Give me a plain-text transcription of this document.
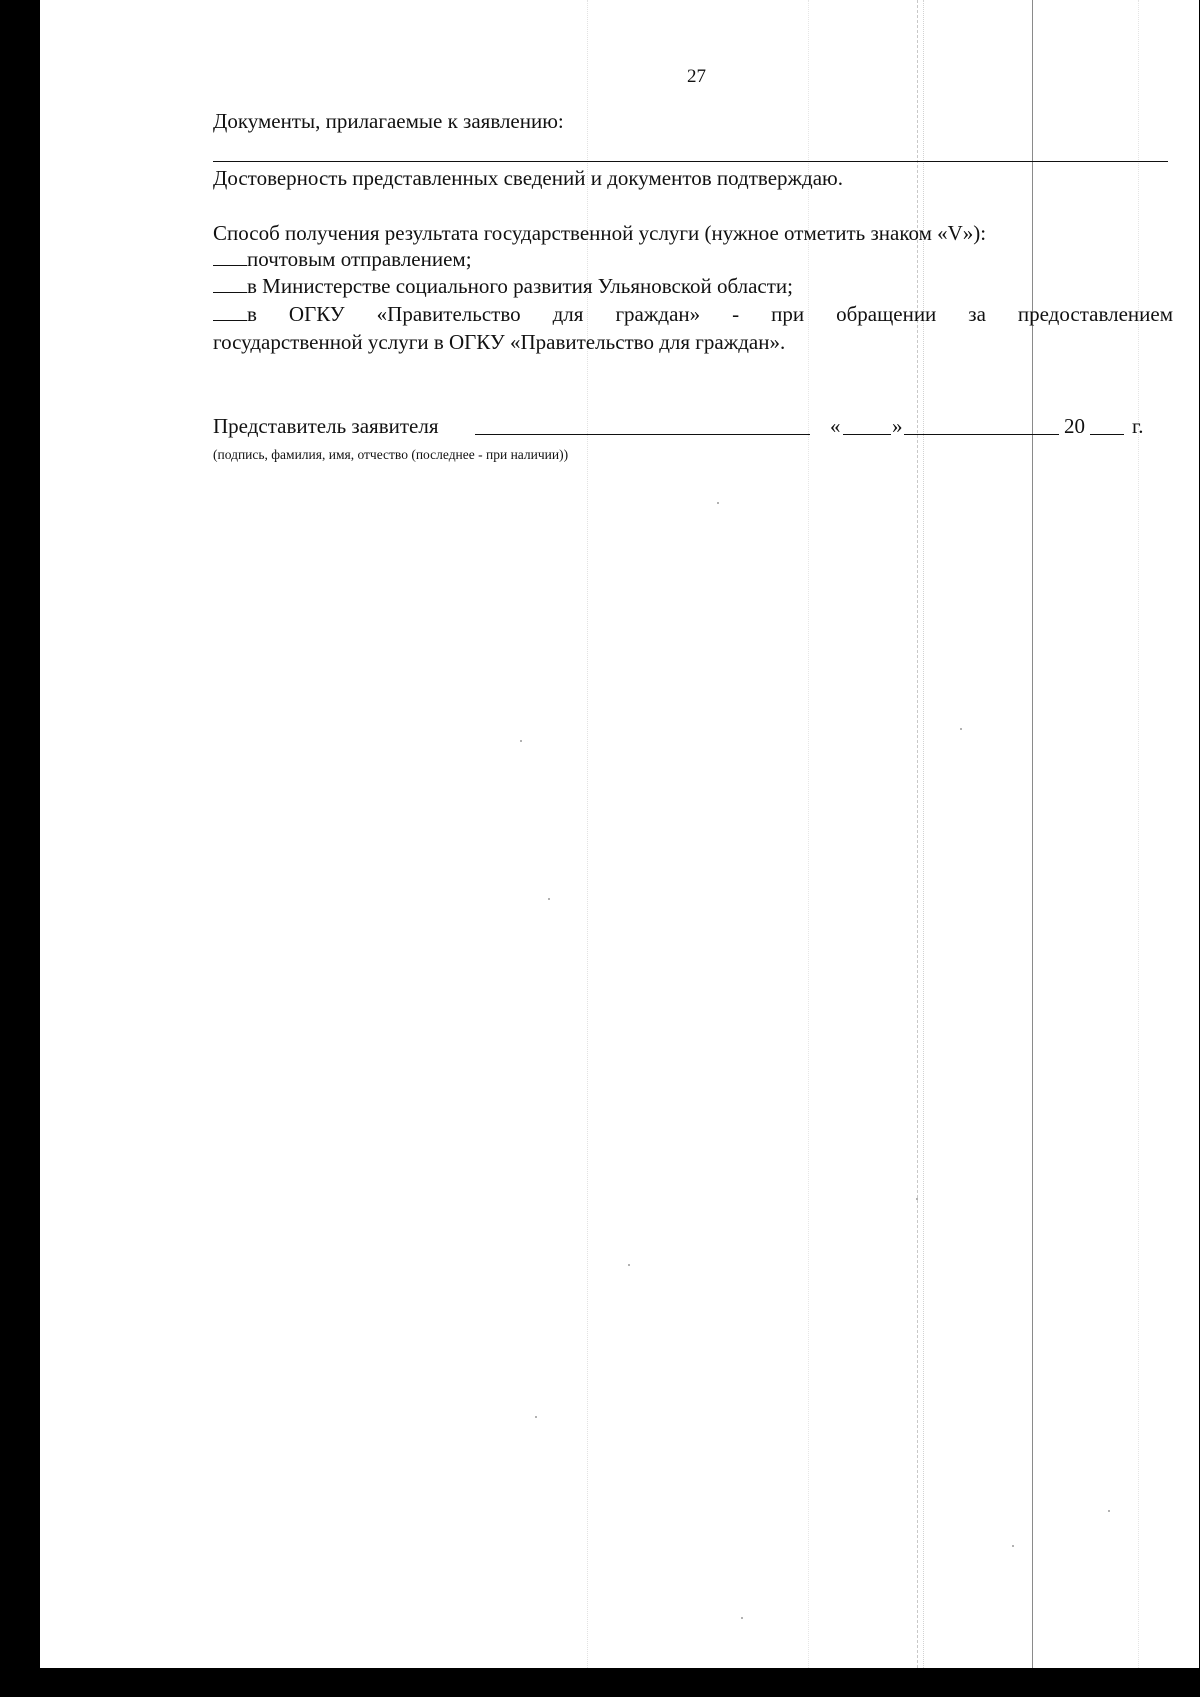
27
Документы, прилагаемые к заявлению:
Достоверность представленных сведений и документов подтверждаю.
Способ получения результата государственной услуги (нужное отметить знаком «V»):
почтовым отправлением;
в Министерстве социального развития Ульяновской области;
в ОГКУ «Правительство для граждан» - при обращении за предоставлением
государственной услуги в ОГКУ «Правительство для граждан».
Представитель заявителя	« »	20 г.
(подпись, фамилия, имя, отчество (последнее - при наличии))
